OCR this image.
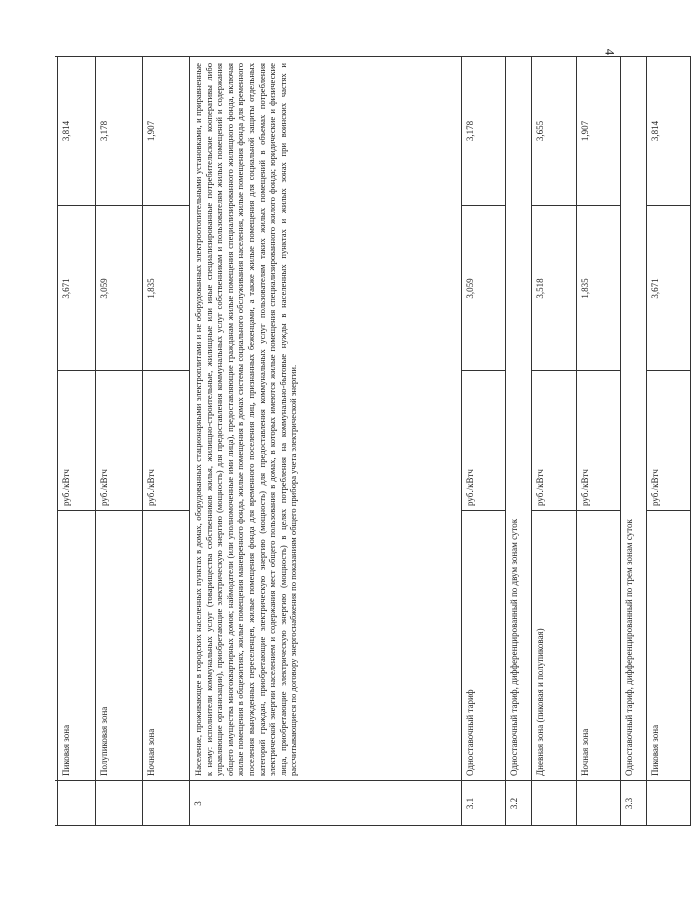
4
Пиковая зона
руб./кВтч
3,671
3,814
Полупиковая зона
руб./кВтч
3,059
3,178
Ночная зона
руб./кВтч
1,835
1,907
3
Население, проживающее в городских населенных пунктах в домах, оборудованных стационарными электроплитами и не оборудованных электроотопительными установками, и приравненные к нему: исполнители коммунальных услуг (товарищества собственников жилья, жилищно-строительные, жилищные или иные специализированные потребительские кооперативы либо управляющие организации), приобретающие электрическую энергию (мощность) для предоставления коммунальных услуг собственникам и пользователям жилых помещений и содержания общего имущества многоквартирных домов; наймодатели (или уполномоченные ими лица), предоставляющие гражданам жилые помещения специализированного жилищного фонда, включая жилые помещения в общежитиях, жилые помещения маневренного фонда, жилые помещения в домах системы социального обслуживания населения, жилые помещения фонда для временного поселения вынужденных переселенцев, жилые помещения фонда для временного поселения лиц, признанных беженцами, а также жилые помещения для социальной защиты отдельных категорий граждан, приобретающие электрическую энергию (мощность) для предоставления коммунальных услуг пользователям таких жилых помещений в объемах потребления электрической энергии населением и содержания мест общего пользования в домах, в которых имеются жилые помещения специализированного жилого фонда; юридические и физические лица, приобретающие электрическую энергию (мощность) в целях потребления на коммунально-бытовые нужды в населенных пунктах и жилых зонах при воинских частях и рассчитывающиеся по договору энергоснабжения по показаниям общего прибора учета электрической энергии.
3.1
Одноставочный тариф
руб./кВтч
3,059
3,178
3.2
Одноставочный тариф, дифференцированный по двум зонам суток Дневная зона (пиковая и полупиковая)
руб./кВтч
3,518
3,655
Ночная зона
руб./кВтч
1,835
1,907
3.3
Одноставочный тариф, дифференцированный по трем зонам суток Пиковая зона
руб./кВтч
3,671
3,814
